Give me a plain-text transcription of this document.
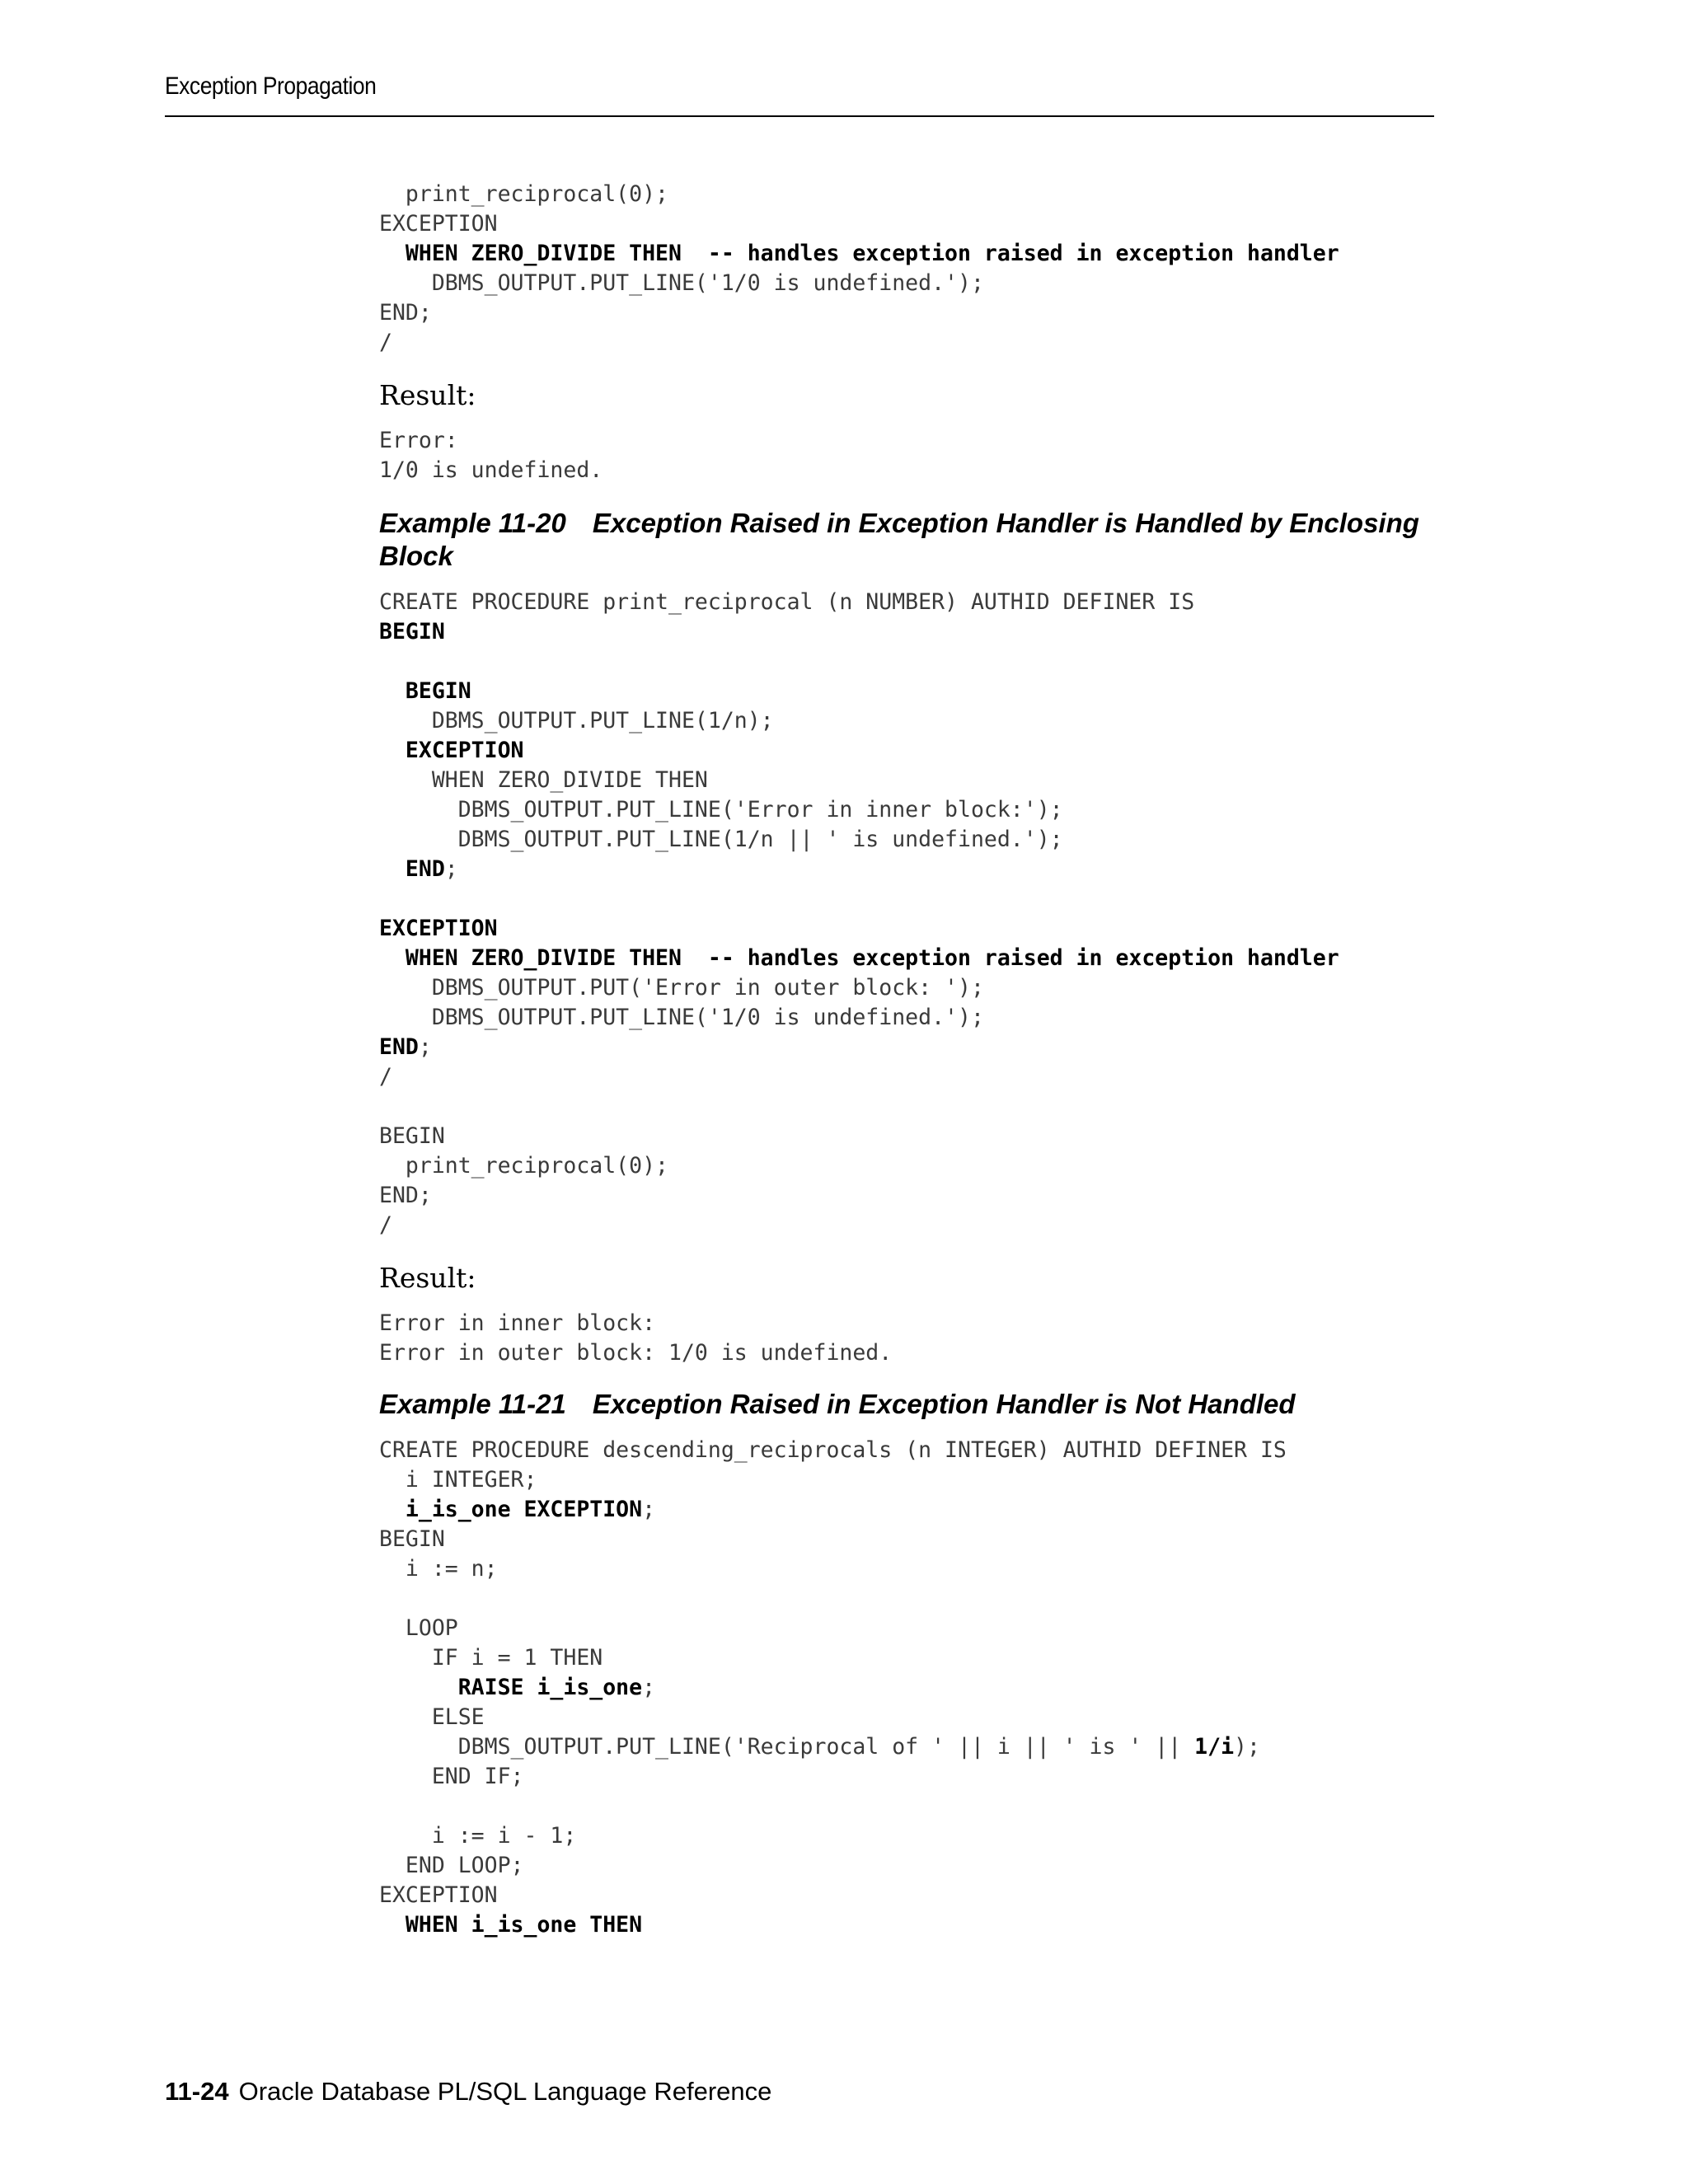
Exception Propagation
print_reciprocal(0);
EXCEPTION
WHEN ZERO_DIVIDE THEN  -- handles exception raised in exception handler
DBMS_OUTPUT.PUT_LINE('1/0 is undefined.');
END;
/

Result:

Error:
1/0 is undefined.
Example 11-20 Exception Raised in Exception Handler is Handled by Enclosing Block
CREATE PROCEDURE print_reciprocal (n NUMBER) AUTHID DEFINER IS
BEGIN
BEGIN
DBMS_OUTPUT.PUT_LINE(1/n);
EXCEPTION
WHEN ZERO_DIVIDE THEN
DBMS_OUTPUT.PUT_LINE('Error in inner block:');
DBMS_OUTPUT.PUT_LINE(1/n || ' is undefined.');
END;
EXCEPTION
WHEN ZERO_DIVIDE THEN  -- handles exception raised in exception handler
DBMS_OUTPUT.PUT('Error in outer block: ');
DBMS_OUTPUT.PUT_LINE('1/0 is undefined.');
END;
/
BEGIN
print_reciprocal(0);
END;
/

Result:

Error in inner block:
Error in outer block: 1/0 is undefined.
Example 11-21 Exception Raised in Exception Handler is Not Handled
CREATE PROCEDURE descending_reciprocals (n INTEGER) AUTHID DEFINER IS
i INTEGER;
i_is_one EXCEPTION;
BEGIN
i := n;
LOOP
IF i = 1 THEN
RAISE i_is_one;
ELSE
DBMS_OUTPUT.PUT_LINE('Reciprocal of ' || i || ' is ' || 1/i);
END IF;
i := i - 1;
END LOOP;
EXCEPTION
WHEN i_is_one THEN
11-24 Oracle Database PL/SQL Language Reference
